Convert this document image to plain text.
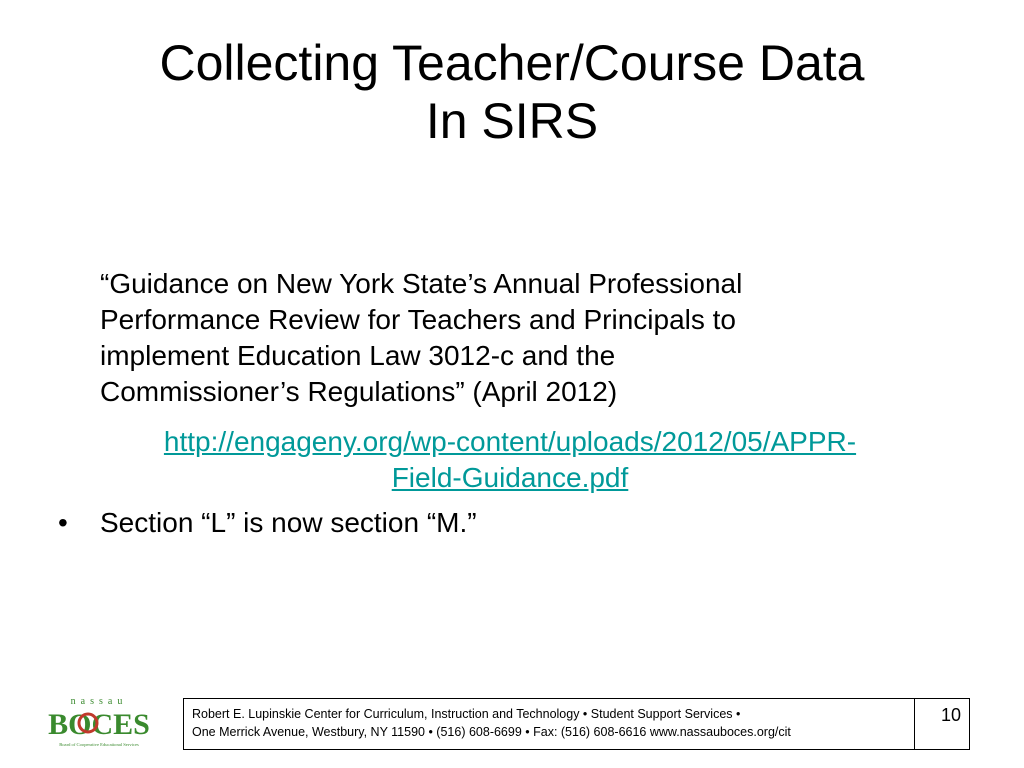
Collecting Teacher/Course Data
In SIRS
“Guidance on New York State’s Annual Professional
Performance Review for Teachers and Principals to
implement Education Law 3012-c and the
Commissioner’s Regulations” (April 2012)
http://engageny.org/wp-content/uploads/2012/05/APPR-
Field-Guidance.pdf
•	Section “L” is now section “M.”
nassau
BOCES
Board of Cooperative Educational Services
Robert E. Lupinskie Center for Curriculum, Instruction and Technology • Student Support Services •
One Merrick Avenue, Westbury, NY 11590 • (516) 608-6699 • Fax: (516) 608-6616 www.nassauboces.org/cit
10
